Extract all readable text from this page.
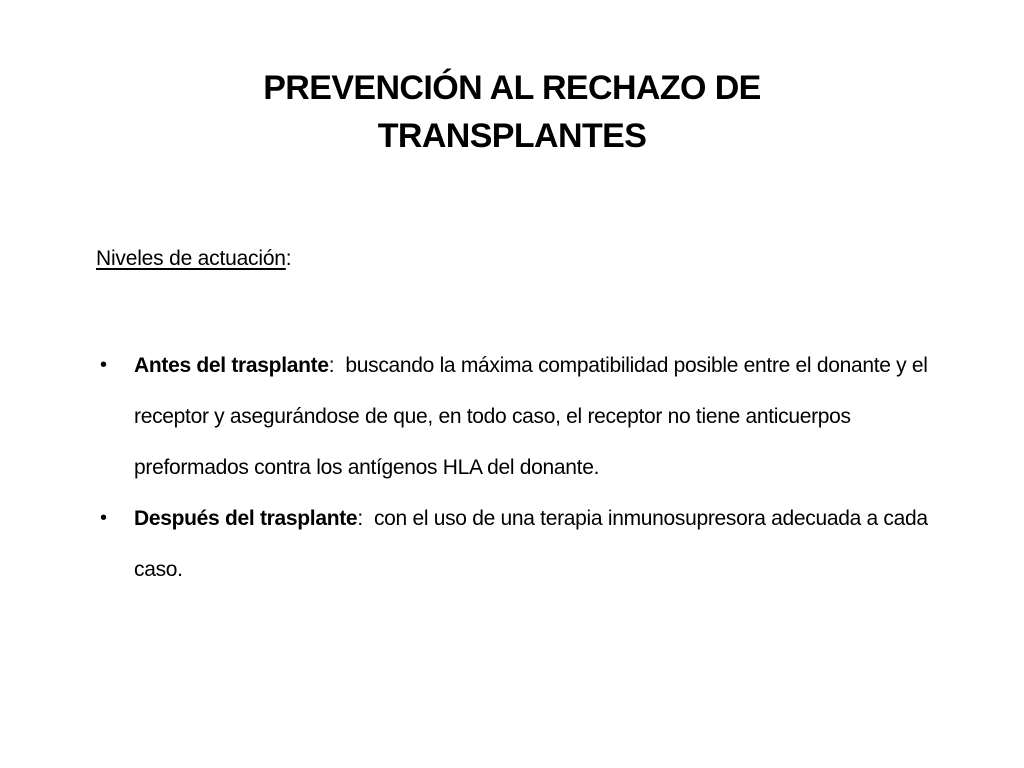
PREVENCIÓN AL RECHAZO DE
TRANSPLANTES
Niveles de actuación:
• Antes del trasplante: buscando la máxima compatibilidad posible entre el donante y el receptor y asegurándose de que, en todo caso, el receptor no tiene anticuerpos preformados contra los antígenos HLA del donante.
• Después del trasplante: con el uso de una terapia inmunosupresora adecuada a cada caso.
